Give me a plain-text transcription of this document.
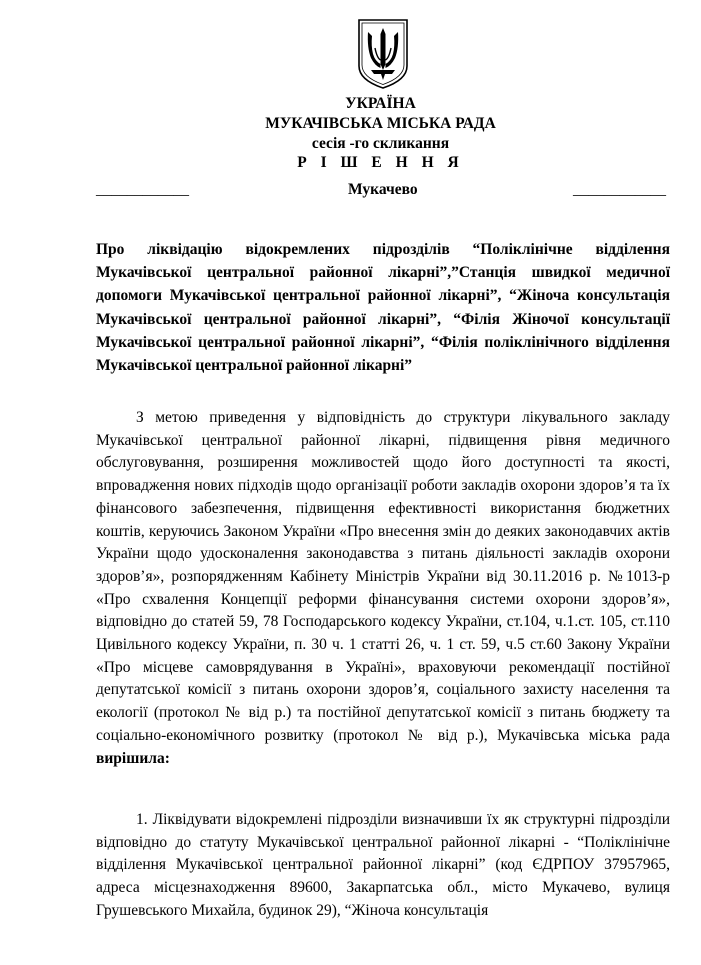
УКРАЇНА
МУКАЧІВСЬКА МІСЬКА РАДА
сесія -го скликання
Р І Ш Е Н Н Я
____________	Мукачево	____________
Про ліквідацію відокремлених підрозділів “Поліклінічне відділення Мукачівської центральної районної лікарні”,”Станція швидкої медичної допомоги Мукачівської центральної районної лікарні”, “Жіноча консультація Мукачівської центральної районної лікарні”, “Філія Жіночої консультації Мукачівської центральної районної лікарні”, “Філія поліклінічного відділення Мукачівської центральної районної лікарні”
З метою приведення у відповідність до структури лікувального закладу Мукачівської центральної районної лікарні, підвищення рівня медичного обслуговування, розширення можливостей щодо його доступності та якості, впровадження нових підходів щодо організації роботи закладів охорони здоров’я та їх фінансового забезпечення, підвищення ефективності використання бюджетних коштів, керуючись Законом України «Про внесення змін до деяких законодавчих актів України щодо удосконалення законодавства з питань діяльності закладів охорони здоров’я», розпорядженням Кабінету Міністрів України від 30.11.2016 р. №1013-р «Про схвалення Концепції реформи фінансування системи охорони здоров’я», відповідно до статей 59, 78 Господарського кодексу України, ст.104, ч.1.ст. 105, ст.110 Цивільного кодексу України, п. 30 ч. 1 статті 26, ч. 1 ст. 59, ч.5 ст.60 Закону України «Про місцеве самоврядування в Україні», враховуючи рекомендації постійної депутатської комісії з питань охорони здоров’я, соціального захисту населення та екології (протокол № від р.) та постійної депутатської комісії з питань бюджету та соціально-економічного розвитку (протокол № від р.), Мукачівська міська рада вирішила:
1. Ліквідувати відокремлені підрозділи визначивши їх як структурні підрозділи відповідно до статуту Мукачівської центральної районної лікарні - “Поліклінічне відділення Мукачівської центральної районної лікарні” (код ЄДРПОУ 37957965, адреса місцезнаходження 89600, Закарпатська обл., місто Мукачево, вулиця Грушевського Михайла, будинок 29), “Жіноча консультація
